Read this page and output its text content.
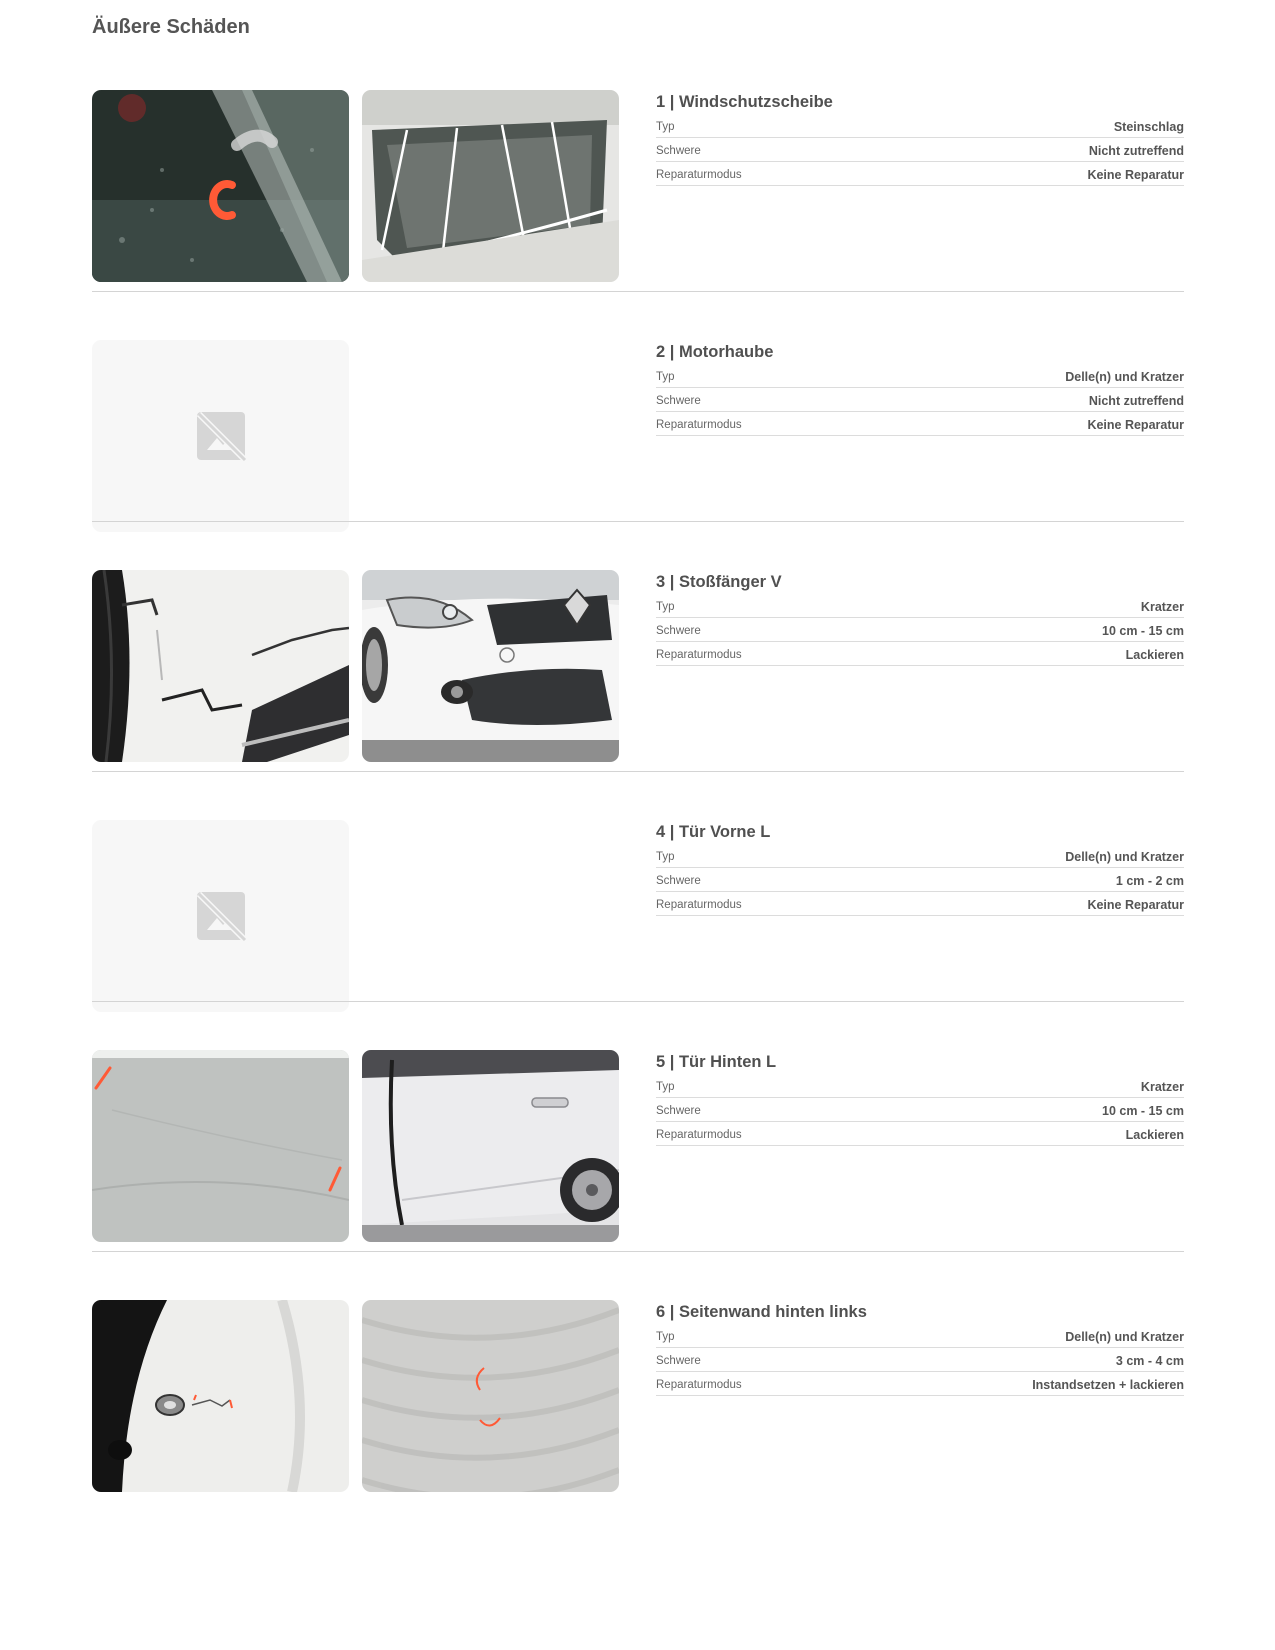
Äußere Schäden
1 | Windschutzscheibe
Typ	Steinschlag
Schwere	Nicht zutreffend
Reparaturmodus	Keine Reparatur
2 | Motorhaube
Typ	Delle(n) und Kratzer
Schwere	Nicht zutreffend
Reparaturmodus	Keine Reparatur
3 | Stoßfänger V
Typ	Kratzer
Schwere	10 cm - 15 cm
Reparaturmodus	Lackieren
4 | Tür Vorne L
Typ	Delle(n) und Kratzer
Schwere	1 cm - 2 cm
Reparaturmodus	Keine Reparatur
5 | Tür Hinten L
Typ	Kratzer
Schwere	10 cm - 15 cm
Reparaturmodus	Lackieren
6 | Seitenwand hinten links
Typ	Delle(n) und Kratzer
Schwere	3 cm - 4 cm
Reparaturmodus	Instandsetzen + lackieren
